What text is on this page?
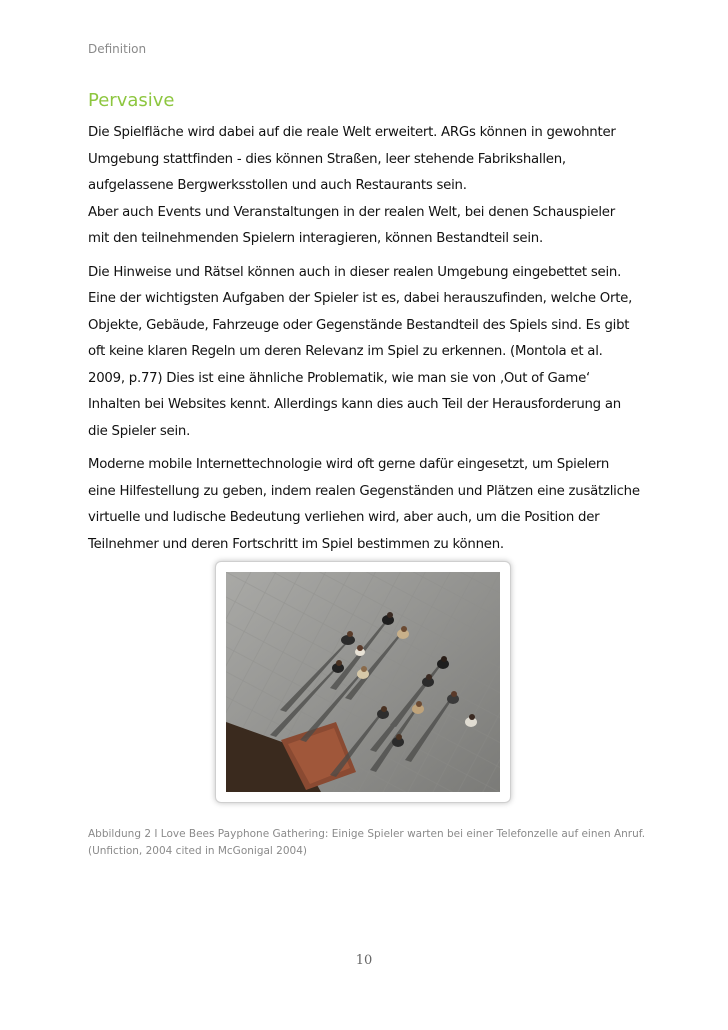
Definition
Pervasive

Die Spielfläche wird dabei auf die reale Welt erweitert. ARGs können in gewohnter
Umgebung stattfinden - dies können Straßen, leer stehende Fabrikshallen,
aufgelassene Bergwerksstollen und auch Restaurants sein.
Aber auch Events und Veranstaltungen in der realen Welt, bei denen Schauspieler
mit den teilnehmenden Spielern interagieren, können Bestandteil sein.

Die Hinweise und Rätsel können auch in dieser realen Umgebung eingebettet sein.
Eine der wichtigsten Aufgaben der Spieler ist es, dabei herauszufinden, welche Orte,
Objekte, Gebäude, Fahrzeuge oder Gegenstände Bestandteil des Spiels sind. Es gibt
oft keine klaren Regeln um deren Relevanz im Spiel zu erkennen. (Montola et al.
2009, p.77) Dies ist eine ähnliche Problematik, wie man sie von ‚Out of Game‘
Inhalten bei Websites kennt. Allerdings kann dies auch Teil der Herausforderung an
die Spieler sein.

Moderne mobile Internettechnologie wird oft gerne dafür eingesetzt, um Spielern
eine Hilfestellung zu geben, indem realen Gegenständen und Plätzen eine zusätzliche
virtuelle und ludische Bedeutung verliehen wird, aber auch, um die Position der
Teilnehmer und deren Fortschritt im Spiel bestimmen zu können.

Abbildung 2 I Love Bees Payphone Gathering: Einige Spieler warten bei einer Telefonzelle auf einen Anruf.
(Unfiction, 2004 cited in McGonigal 2004)
10
